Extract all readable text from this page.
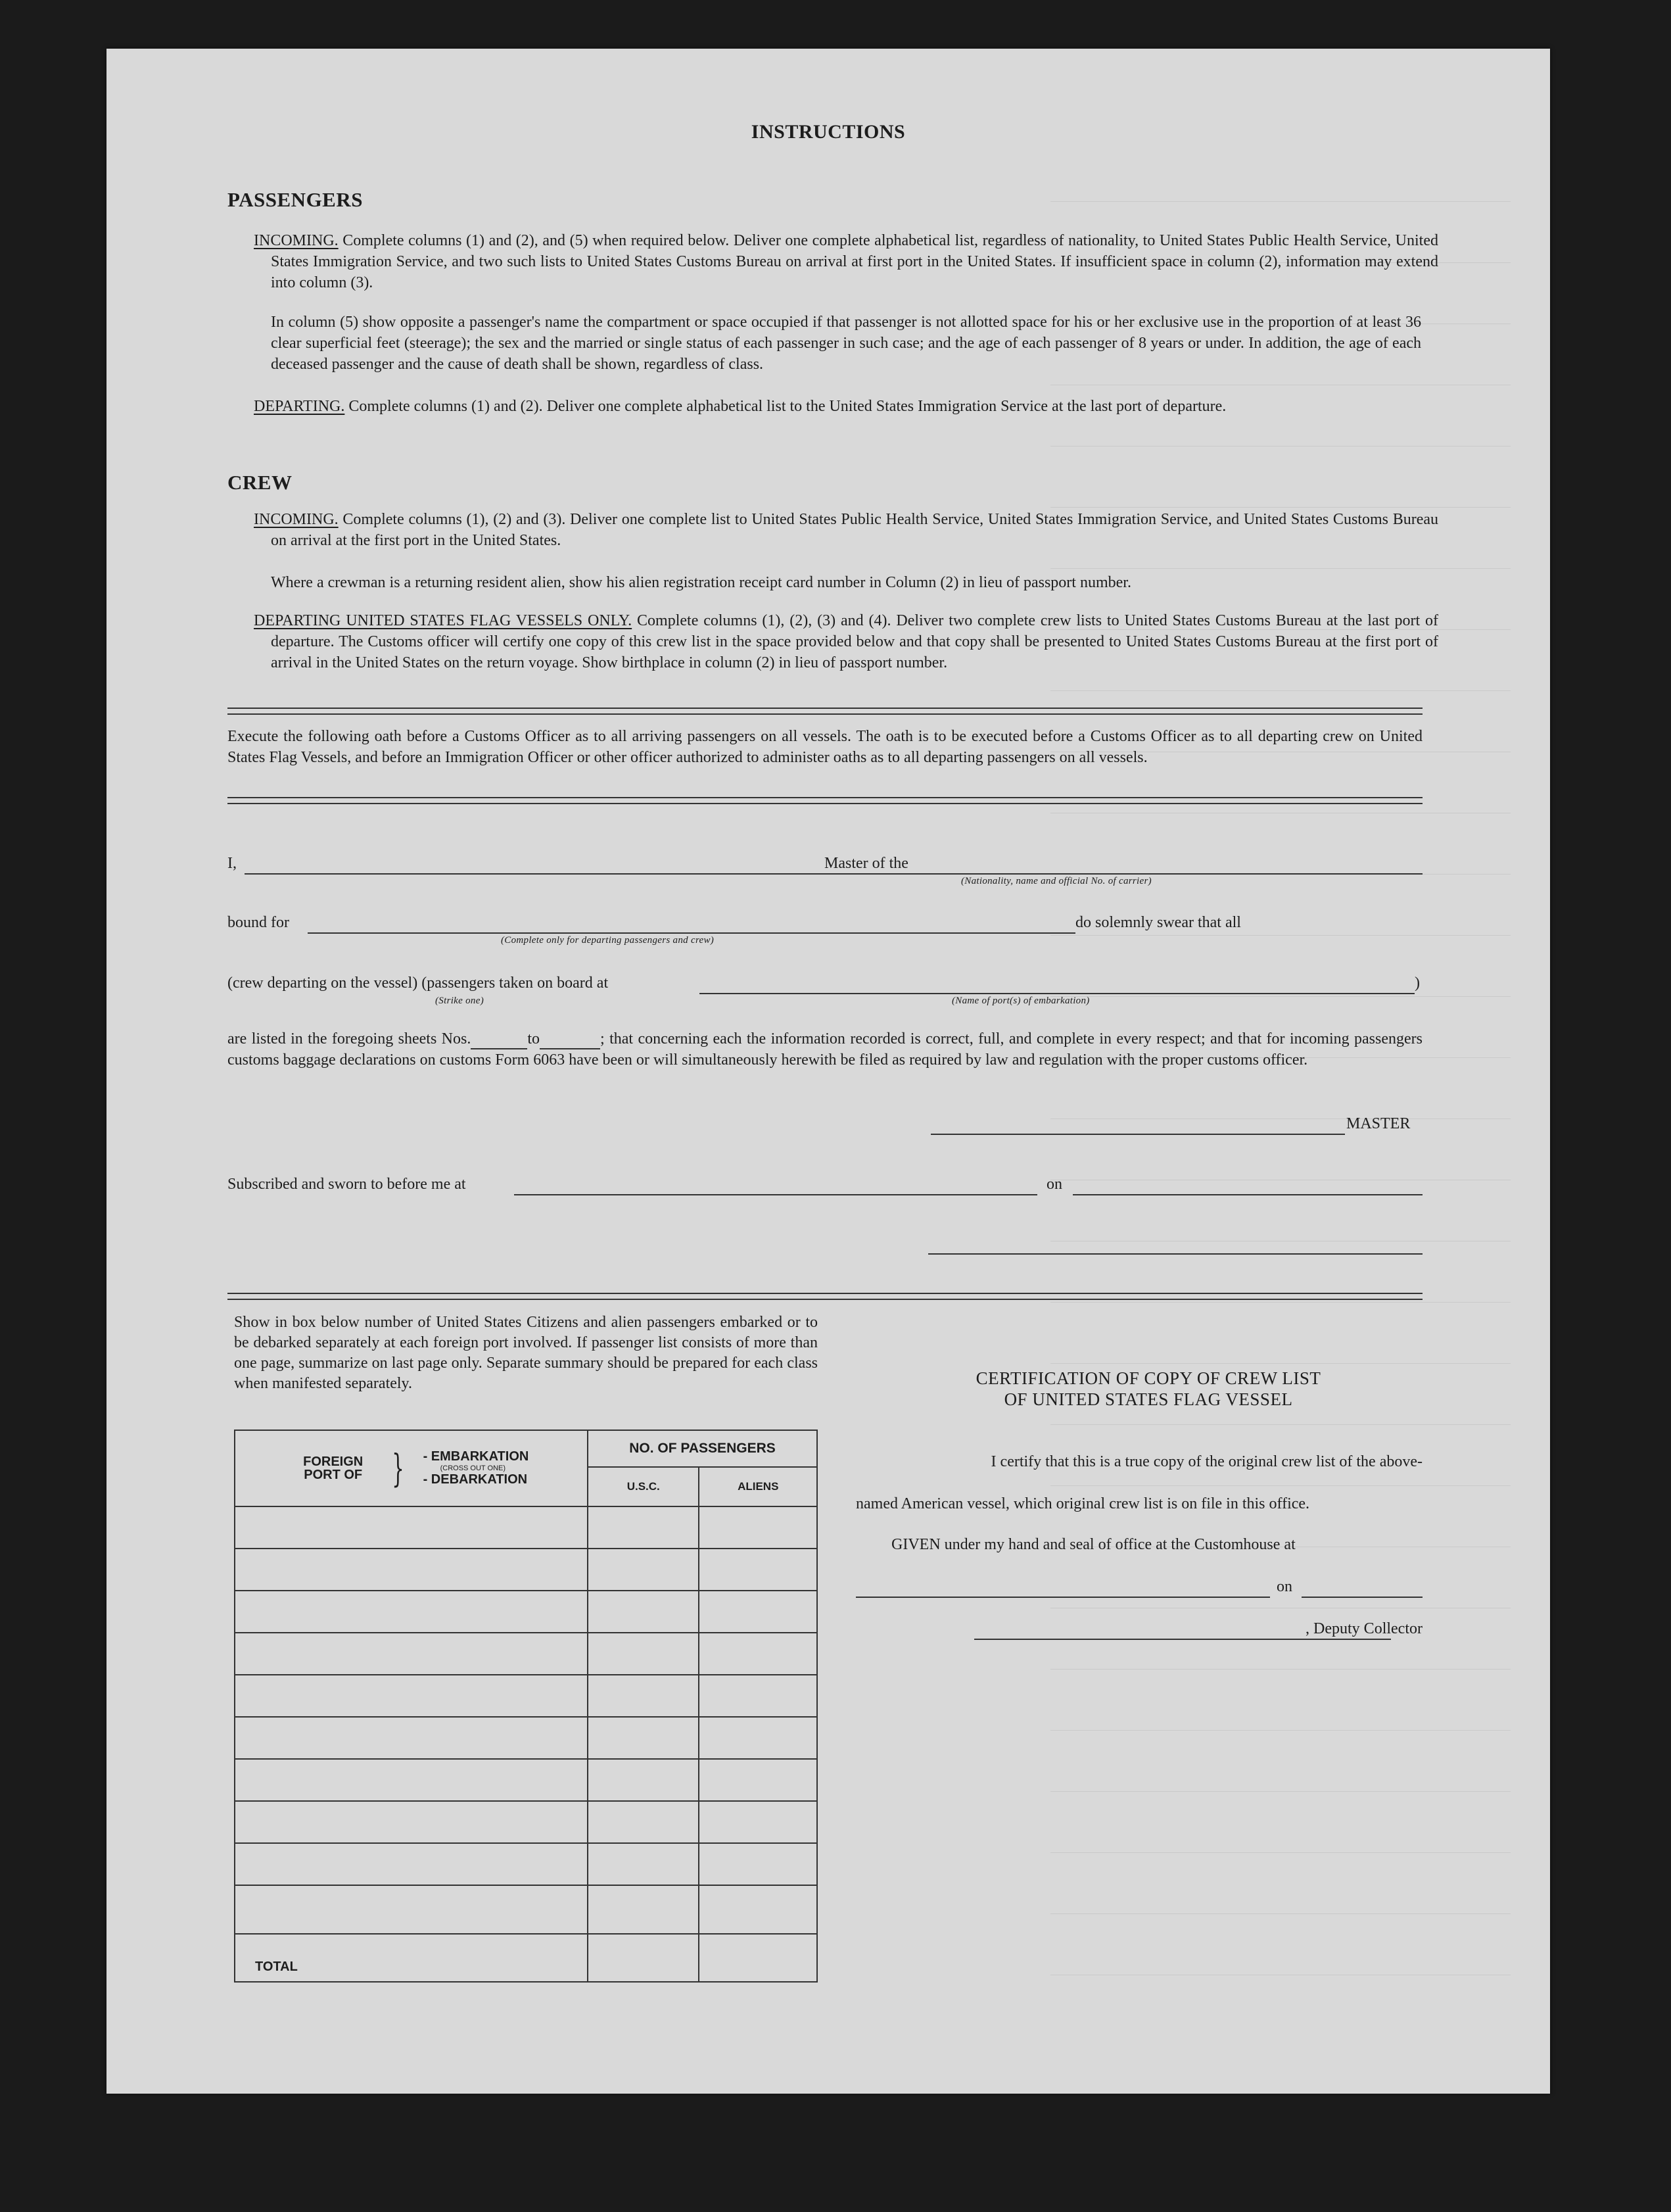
INSTRUCTIONS
PASSENGERS
INCOMING. Complete columns (1) and (2), and (5) when required below. Deliver one complete alphabetical list, regardless of nationality, to United States Public Health Service, United States Immigration Service, and two such lists to United States Customs Bureau on arrival at first port in the United States. If insufficient space in column (2), information may extend into column (3).
In column (5) show opposite a passenger's name the compartment or space occupied if that passenger is not allotted space for his or her exclusive use in the proportion of at least 36 clear superficial feet (steerage); the sex and the married or single status of each passenger in such case; and the age of each passenger of 8 years or under. In addition, the age of each deceased passenger and the cause of death shall be shown, regardless of class.
DEPARTING. Complete columns (1) and (2). Deliver one complete alphabetical list to the United States Immigration Service at the last port of departure.
CREW
INCOMING. Complete columns (1), (2) and (3). Deliver one complete list to United States Public Health Service, United States Immigration Service, and United States Customs Bureau on arrival at the first port in the United States.
Where a crewman is a returning resident alien, show his alien registration receipt card number in Column (2) in lieu of passport number.
DEPARTING UNITED STATES FLAG VESSELS ONLY. Complete columns (1), (2), (3) and (4). Deliver two complete crew lists to United States Customs Bureau at the last port of departure. The Customs officer will certify one copy of this crew list in the space provided below and that copy shall be presented to United States Customs Bureau at the first port of arrival in the United States on the return voyage. Show birthplace in column (2) in lieu of passport number.
Execute the following oath before a Customs Officer as to all arriving passengers on all vessels. The oath is to be executed before a Customs Officer as to all departing crew on United States Flag Vessels, and before an Immigration Officer or other officer authorized to administer oaths as to all departing passengers on all vessels.
I,	Master of the
(Nationality, name and official No. of carrier)
bound for
(Complete only for departing passengers and crew)
do solemnly swear that all
(crew departing on the vessel) (passengers taken on board at	)
(Strike one)	(Name of port(s) of embarkation)
are listed in the foregoing sheets Nos.	to	; that concerning each the information recorded is correct, full, and complete in every respect; and that for incoming passengers customs baggage declarations on customs Form 6063 have been or will simultaneously herewith be filed as required by law and regulation with the proper customs officer.
MASTER
Subscribed and sworn to before me at	on
Show in box below number of United States Citizens and alien passengers embarked or to be debarked separately at each foreign port involved. If passenger list consists of more than one page, summarize on last page only. Separate summary should be prepared for each class when manifested separately.
FOREIGN PORT OF } - EMBARKATION
(CROSS OUT ONE)
- DEBARKATION	NO. OF PASSENGERS	
	U.S.C.	ALIENS

TOTAL		
CERTIFICATION OF COPY OF CREW LIST
OF UNITED STATES FLAG VESSEL
I certify that this is a true copy of the original crew list of the above-
named American vessel, which original crew list is on file in this office.
GIVEN under my hand and seal of office at the Customhouse at
on
, Deputy Collector
